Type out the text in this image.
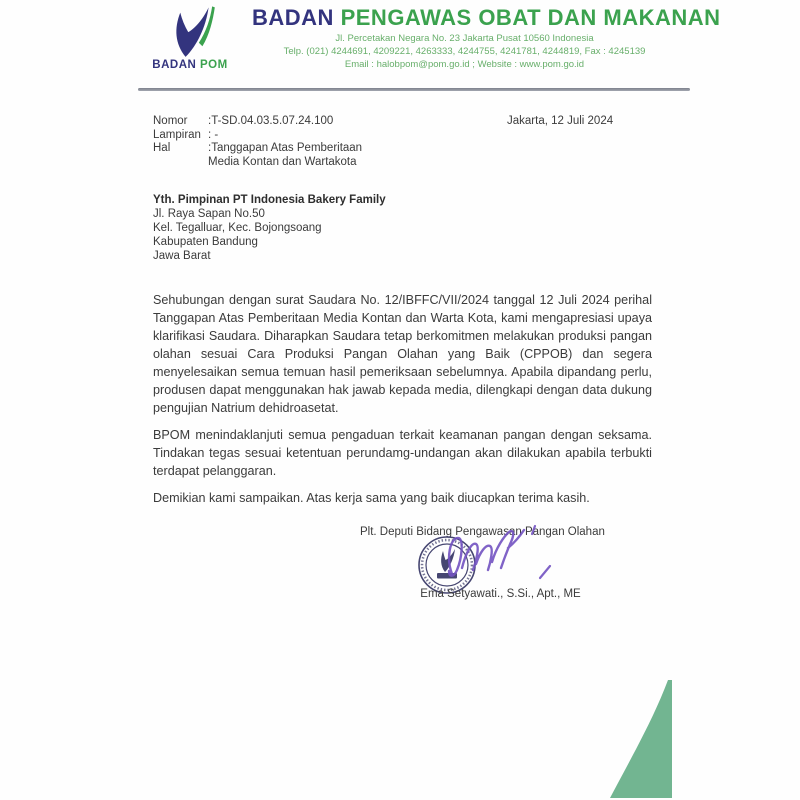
BADAN POM
BADAN PENGAWAS OBAT DAN MAKANAN
Jl. Percetakan Negara No. 23 Jakarta Pusat 10560 Indonesia
Telp. (021) 4244691, 4209221, 4263333, 4244755, 4241781, 4244819, Fax : 4245139
Email : halobpom@pom.go.id ; Website : www.pom.go.id
Nomor	:T-SD.04.03.5.07.24.100
Lampiran : -
Hal	:Tanggapan Atas Pemberitaan
Media Kontan dan Wartakota
Jakarta, 12 Juli 2024
Yth. Pimpinan PT Indonesia Bakery Family
Jl. Raya Sapan No.50
Kel. Tegalluar, Kec. Bojongsoang
Kabupaten Bandung
Jawa Barat

Sehubungan dengan surat Saudara No. 12/IBFFC/VII/2024 tanggal 12 Juli 2024 perihal Tanggapan Atas Pemberitaan Media Kontan dan Warta Kota, kami mengapresiasi upaya klarifikasi Saudara. Diharapkan Saudara tetap berkomitmen melakukan produksi pangan olahan sesuai Cara Produksi Pangan Olahan yang Baik (CPPOB) dan segera menyelesaikan semua temuan hasil pemeriksaan sebelumnya. Apabila dipandang perlu, produsen dapat menggunakan hak jawab kepada media, dilengkapi dengan data dukung pengujian Natrium dehidroasetat.

BPOM menindaklanjuti semua pengaduan terkait keamanan pangan dengan seksama. Tindakan tegas sesuai ketentuan perundamg-undangan akan dilakukan apabila terbukti terdapat pelanggaran.

Demikian kami sampaikan. Atas kerja sama yang baik diucapkan terima kasih.

Plt. Deputi Bidang Pengawasan Pangan Olahan
Ema Setyawati., S.Si., Apt., ME
